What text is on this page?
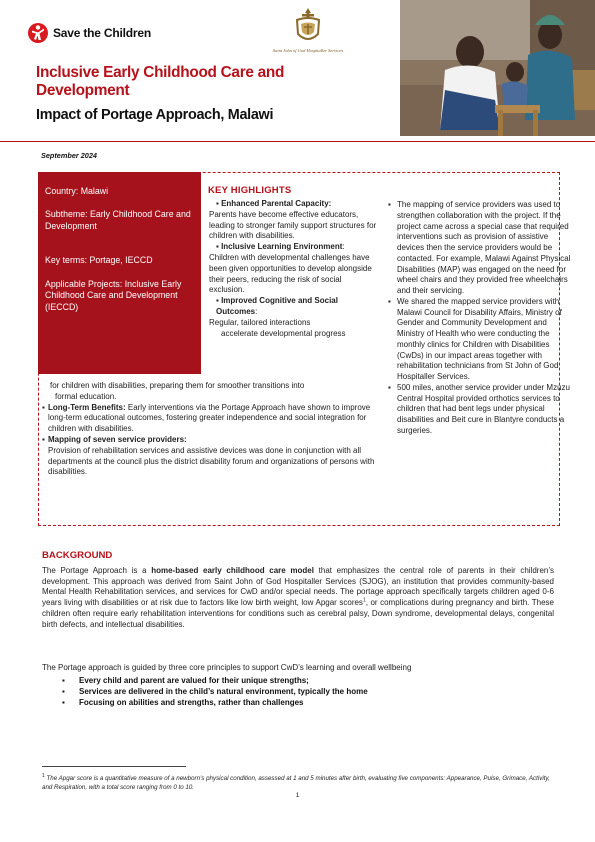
Save the Children
Saint John of God Hospitaller Services
Inclusive Early Childhood Care and Development
Impact of Portage Approach, Malawi
September 2024

Country: Malawi

Subtheme: Early Childhood Care and Development

Key terms: Portage, IECCD

Applicable Projects: Inclusive Early Childhood Care and Development (IECCD)

KEY HIGHLIGHTS
▪ Enhanced Parental Capacity:
Parents have become effective educators, leading to stronger family support structures for children with disabilities.
▪ Inclusive Learning Environment:
Children with developmental challenges have been given opportunities to develop alongside their peers, reducing the risk of social exclusion.
▪ Improved Cognitive and Social Outcomes:
Regular, tailored interactions
accelerate developmental progress
for children with disabilities, preparing them for smoother transitions into
formal education.
▪ Long-Term Benefits: Early interventions via the Portage Approach have shown to improve long-term educational outcomes, fostering greater independence and social integration for children with disabilities.
▪ Mapping of seven service providers:
Provision of rehabilitation services and assistive devices was done in conjunction with all departments at the council plus the district disability forum and organizations of persons with disabilities.
▪ The mapping of service providers was used to strengthen collaboration with the project. If the project came across a special case that required interventions such as provision of assistive devices then the service providers would be contacted. For example, Malawi Against Physical Disabilities (MAP) was engaged on the need for wheel chairs and they provided free wheelchairs and their servicing.
▪ We shared the mapped service providers with Malawi Council for Disability Affairs, Ministry of Gender and Community Development and Ministry of Health who were conducting the monthly clinics for Children with Disabilities (CwDs) in our impact areas together with rehabilitation technicians from St John of God Hospitaller Services.
▪ 500 miles, another service provider under Mzuzu Central Hospital provided orthotics services to children that had bent legs under physical disabilities and Beit cure in Blantyre conducts a surgeries.
BACKGROUND
The Portage Approach is a home-based early childhood care model that emphasizes the central role of parents in their children’s development. This approach was derived from Saint John of God Hospitaller Services (SJOG), an institution that provides community-based Mental Health Rehabilitation services, and services for CwD and/or special needs. The portage approach specifically targets children aged 0-6 years living with disabilities or at risk due to factors like low birth weight, low Apgar scores$^1$, or complications during pregnancy and birth. These children often require early rehabilitation interventions for conditions such as cerebral palsy, Down syndrome, developmental delays, congenital birth defects, and intellectual disabilities.
The Portage approach is guided by three core principles to support CwD’s learning and overall wellbeing
▪	Every child and parent are valued for their unique strengths;
▪	Services are delivered in the child’s natural environment, typically the home
▪	Focusing on abilities and strengths, rather than challenges
$^1$ The Apgar score is a quantitative measure of a newborn’s physical condition, assessed at 1 and 5 minutes after birth, evaluating five components: Appearance, Pulse, Grimace, Activity, and Respiration, with a total score ranging from 0 to 10.
1
